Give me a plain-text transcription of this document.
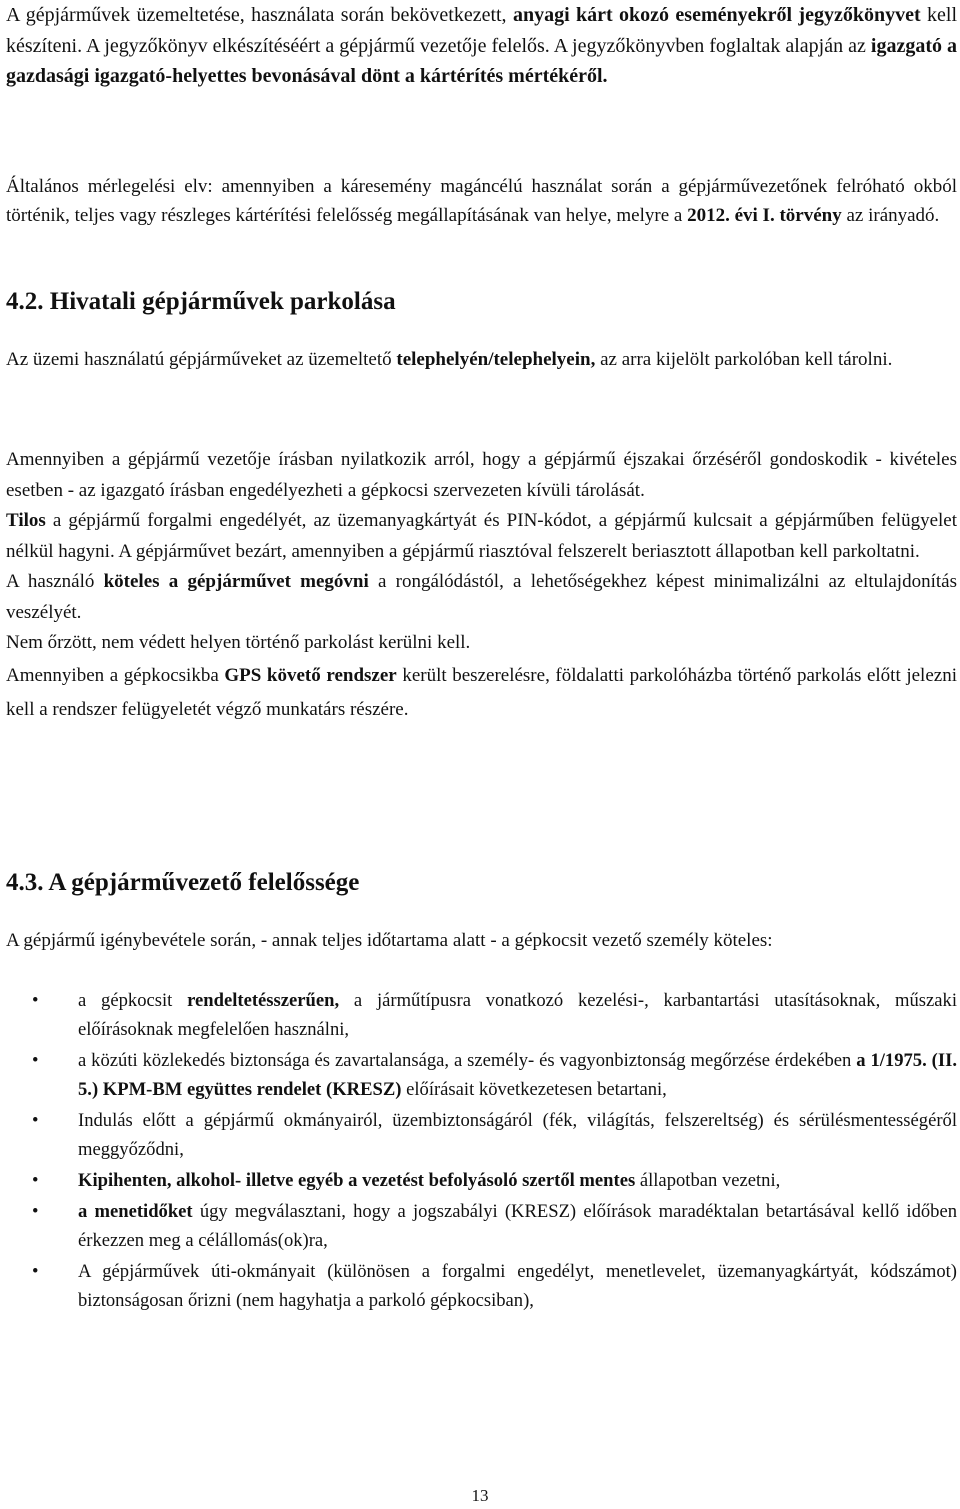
A gépjárművek üzemeltetése, használata során bekövetkezett, anyagi kárt okozó eseményekről jegyzőkönyvet kell készíteni. A jegyzőkönyv elkészítéséért a gépjármű vezetője felelős. A jegyzőkönyvben foglaltak alapján az igazgató a gazdasági igazgató-helyettes bevonásával dönt a kártérítés mértékéről.

Általános mérlegelési elv: amennyiben a káresemény magáncélú használat során a gépjárművezetőnek felróható okból történik, teljes vagy részleges kártérítési felelősség megállapításának van helye, melyre a 2012. évi I. törvény az irányadó.

4.2. Hivatali gépjárművek parkolása

Az üzemi használatú gépjárműveket az üzemeltető telephelyén/telephelyein, az arra kijelölt parkolóban kell tárolni.

Amennyiben a gépjármű vezetője írásban nyilatkozik arról, hogy a gépjármű éjszakai őrzéséről gondoskodik - kivételes esetben - az igazgató írásban engedélyezheti a gépkocsi szervezeten kívüli tárolását.

Tilos a gépjármű forgalmi engedélyét, az üzemanyagkártyát és PIN-kódot, a gépjármű kulcsait a gépjárműben felügyelet nélkül hagyni. A gépjárművet bezárt, amennyiben a gépjármű riasztóval felszerelt beriasztott állapotban kell parkoltatni.

A használó köteles a gépjárművet megóvni a rongálódástól, a lehetőségekhez képest minimalizálni az eltulajdonítás veszélyét.

Nem őrzött, nem védett helyen történő parkolást kerülni kell.

Amennyiben a gépkocsikba GPS követő rendszer került beszerelésre, földalatti parkolóházba történő parkolás előtt jelezni kell a rendszer felügyeletét végző munkatárs részére.

4.3. A gépjárművezető felelőssége

A gépjármű igénybevétele során, - annak teljes időtartama alatt - a gépkocsit vezető személy köteles:

• a gépkocsit rendeltetésszerűen, a járműtípusra vonatkozó kezelési-, karbantartási utasításoknak, műszaki előírásoknak megfelelően használni,
• a közúti közlekedés biztonsága és zavartalansága, a személy- és vagyonbiztonság megőrzése érdekében a 1/1975. (II. 5.) KPM-BM együttes rendelet (KRESZ) előírásait következetesen betartani,
• Indulás előtt a gépjármű okmányairól, üzembiztonságáról (fék, világítás, felszereltség) és sérülésmentességéről meggyőződni,
• Kipihenten, alkohol- illetve egyéb a vezetést befolyásoló szertől mentes állapotban vezetni,
• a menetidőket úgy megválasztani, hogy a jogszabályi (KRESZ) előírások maradéktalan betartásával kellő időben érkezzen meg a célállomás(ok)ra,
• A gépjárművek úti-okmányait (különösen a forgalmi engedélyt, menetlevelet, üzemanyagkártyát, kódszámot) biztonságosan őrizni (nem hagyhatja a parkoló gépkocsiban),
13
